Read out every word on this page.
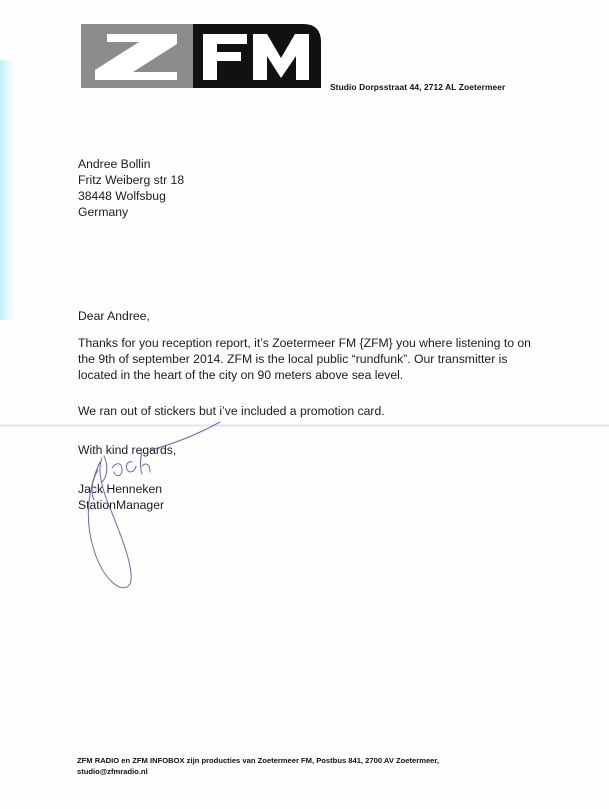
Studio Dorpsstraat 44, 2712 AL Zoetermeer
Andree Bollin
Fritz Weiberg str 18
38448 Wolfsbug
Germany
Dear Andree,
Thanks for you reception report, it’s Zoetermeer FM {ZFM} you where listening to on the 9th of september 2014. ZFM is the local public “rundfunk”. Our transmitter is located in the heart of the city on 90 meters above sea level.
We ran out of stickers but i’ve included a promotion card.
With kind regards,
Jack Henneken
StationManager
ZFM RADIO en ZFM INFOBOX zijn producties van Zoetermeer FM, Postbus 841, 2700 AV Zoetermeer,
studio@zfmradio.nl
